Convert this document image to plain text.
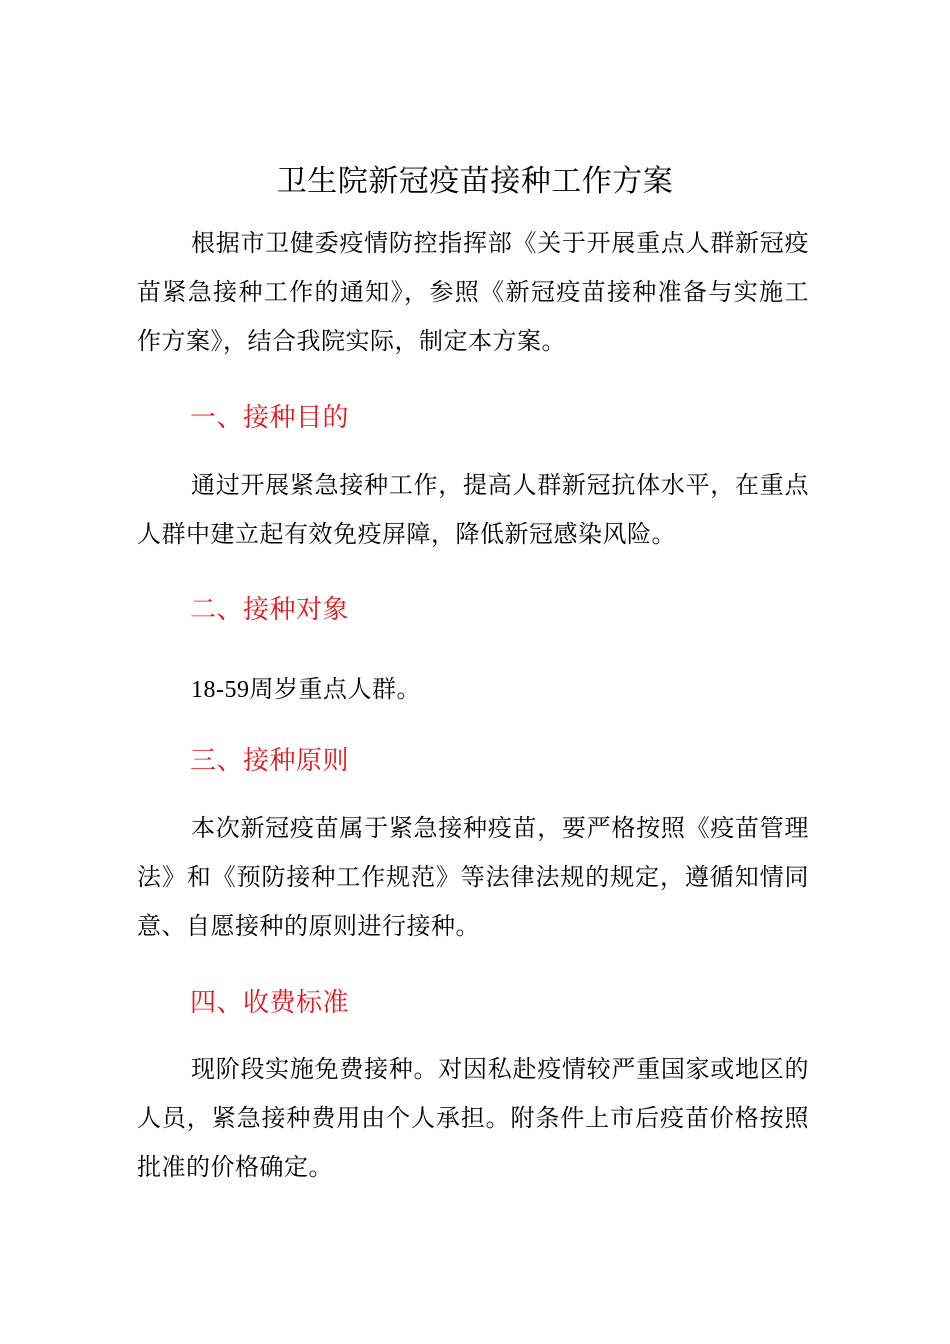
卫生院新冠疫苗接种工作方案

根据市卫健委疫情防控指挥部《关于开展重点人群新冠疫苗紧急接种工作的通知》，参照《新冠疫苗接种准备与实施工作方案》，结合我院实际，制定本方案。

一、接种目的

通过开展紧急接种工作，提高人群新冠抗体水平，在重点人群中建立起有效免疫屏障，降低新冠感染风险。

二、接种对象

18-59周岁重点人群。

三、接种原则

本次新冠疫苗属于紧急接种疫苗，要严格按照《疫苗管理法》和《预防接种工作规范》等法律法规的规定，遵循知情同意、自愿接种的原则进行接种。

四、收费标准

现阶段实施免费接种。对因私赴疫情较严重国家或地区的人员，紧急接种费用由个人承担。附条件上市后疫苗价格按照批准的价格确定。
